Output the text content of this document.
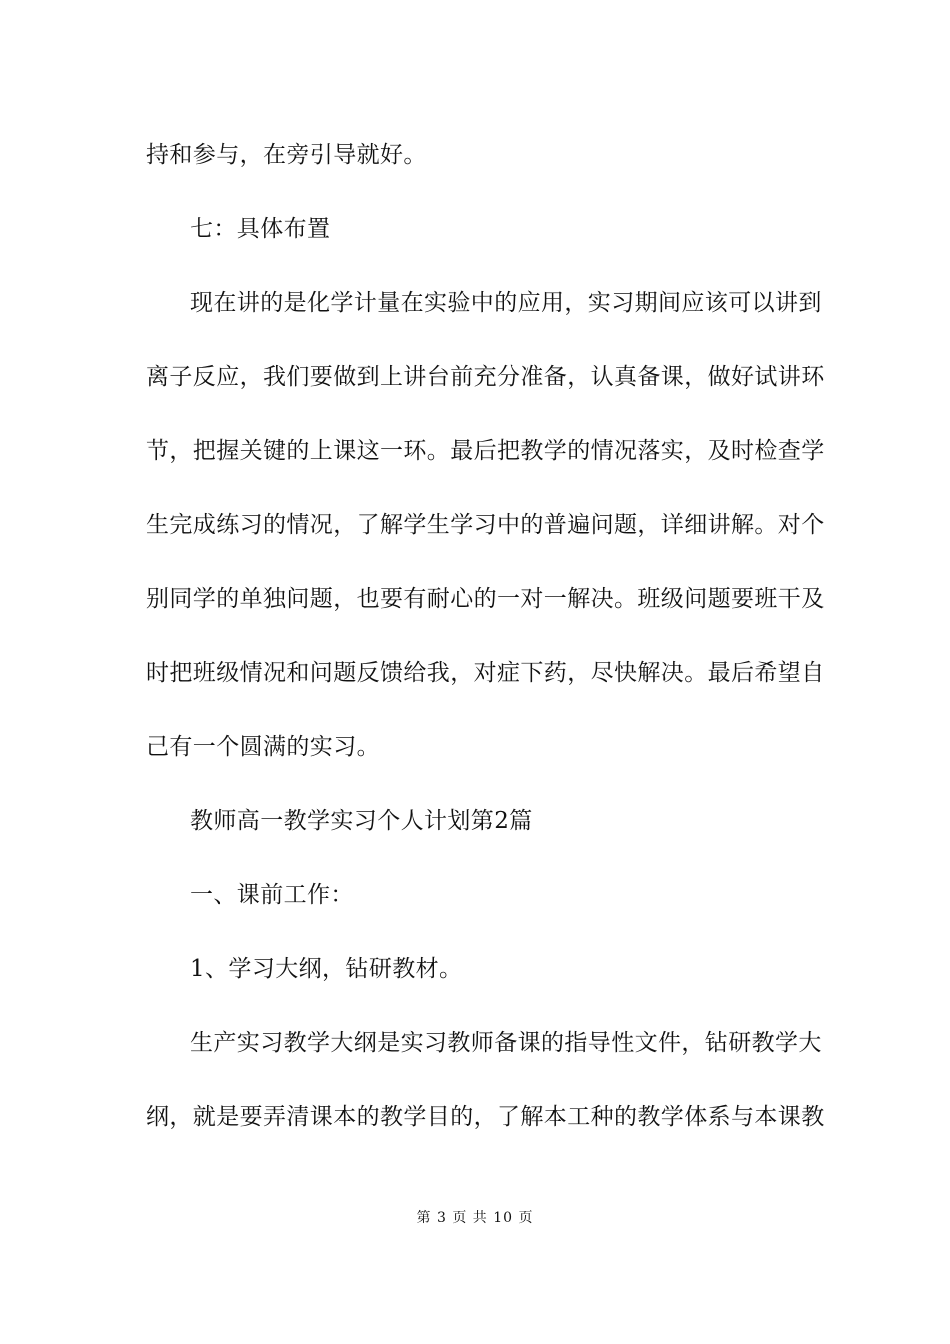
持和参与，在旁引导就好。
七：具体布置
现在讲的是化学计量在实验中的应用，实习期间应该可以讲到
离子反应，我们要做到上讲台前充分准备，认真备课，做好试讲环
节，把握关键的上课这一环。最后把教学的情况落实，及时检查学
生完成练习的情况，了解学生学习中的普遍问题，详细讲解。对个
别同学的单独问题，也要有耐心的一对一解决。班级问题要班干及
时把班级情况和问题反馈给我，对症下药，尽快解决。最后希望自
己有一个圆满的实习。
教师高一教学实习个人计划第2篇
一、课前工作：
1、学习大纲，钻研教材。
生产实习教学大纲是实习教师备课的指导性文件，钻研教学大
纲，就是要弄清课本的教学目的，了解本工种的教学体系与本课教
第 3 页 共 10 页
